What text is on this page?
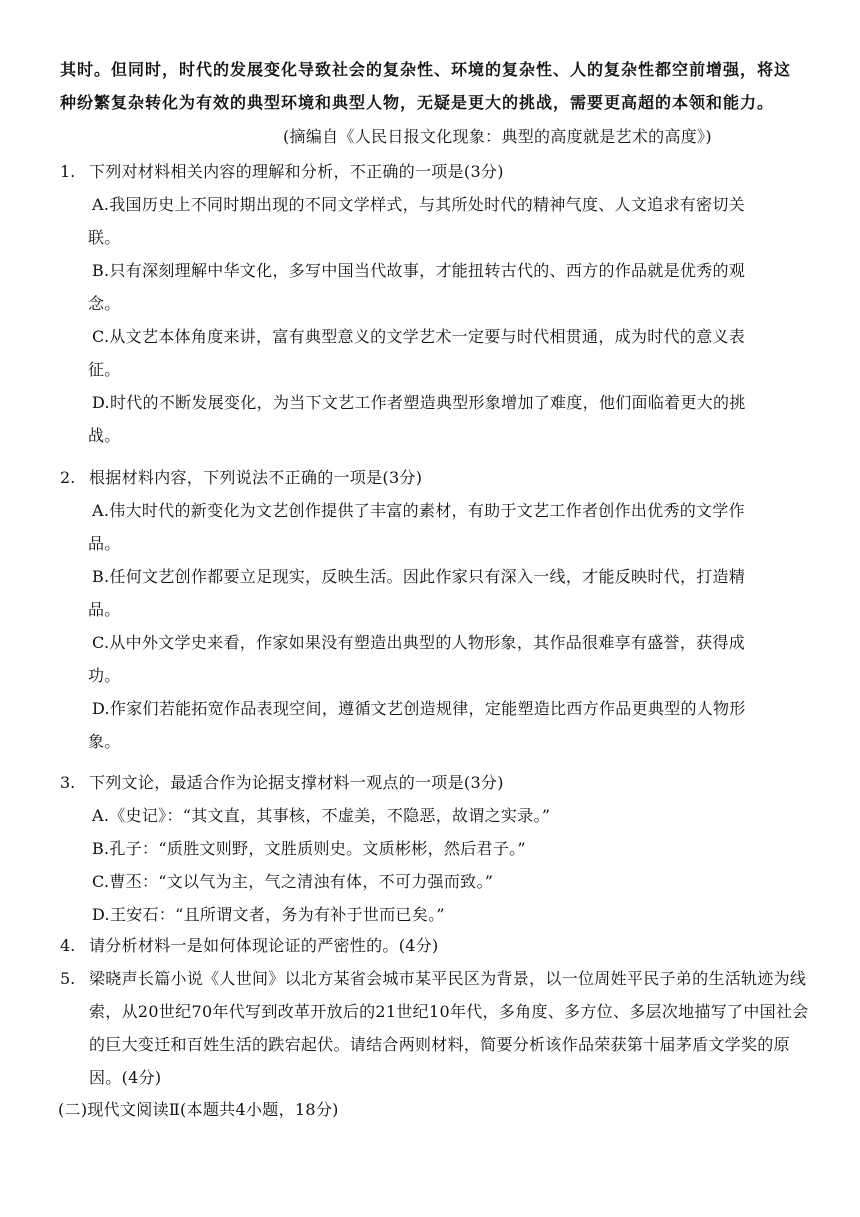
其时。但同时，时代的发展变化导致社会的复杂性、环境的复杂性、人的复杂性都空前增强，将这种纷繁复杂转化为有效的典型环境和典型人物，无疑是更大的挑战，需要更高超的本领和能力。
(摘编自《人民日报文化现象：典型的高度就是艺术的高度》)
1. 下列对材料相关内容的理解和分析，不正确的一项是(3分)
A.我国历史上不同时期出现的不同文学样式，与其所处时代的精神气度、人文追求有密切关
联。
B.只有深刻理解中华文化，多写中国当代故事，才能扭转古代的、西方的作品就是优秀的观
念。
C.从文艺本体角度来讲，富有典型意义的文学艺术一定要与时代相贯通，成为时代的意义表
征。
D.时代的不断发展变化，为当下文艺工作者塑造典型形象增加了难度，他们面临着更大的挑
战。
2. 根据材料内容，下列说法不正确的一项是(3分)
A.伟大时代的新变化为文艺创作提供了丰富的素材，有助于文艺工作者创作出优秀的文学作
品。
B.任何文艺创作都要立足现实，反映生活。因此作家只有深入一线，才能反映时代，打造精
品。
C.从中外文学史来看，作家如果没有塑造出典型的人物形象，其作品很难享有盛誉，获得成
功。
D.作家们若能拓宽作品表现空间，遵循文艺创造规律，定能塑造比西方作品更典型的人物形
象。
3. 下列文论，最适合作为论据支撑材料一观点的一项是(3分)
A.《史记》：“其文直，其事核，不虚美，不隐恶，故谓之实录。”
B.孔子：“质胜文则野，文胜质则史。文质彬彬，然后君子。”
C.曹丕：“文以气为主，气之清浊有体，不可力强而致。”
D.王安石：“且所谓文者，务为有补于世而已矣。”
4. 请分析材料一是如何体现论证的严密性的。(4分)
5. 梁晓声长篇小说《人世间》以北方某省会城市某平民区为背景，以一位周姓平民子弟的生活轨迹为线索，从20世纪70年代写到改革开放后的21世纪10年代，多角度、多方位、多层次地描写了中国社会的巨大变迁和百姓生活的跌宕起伏。请结合两则材料，简要分析该作品荣获第十届茅盾文学奖的原因。(4分)
(二)现代文阅读Ⅱ(本题共4小题，18分)
